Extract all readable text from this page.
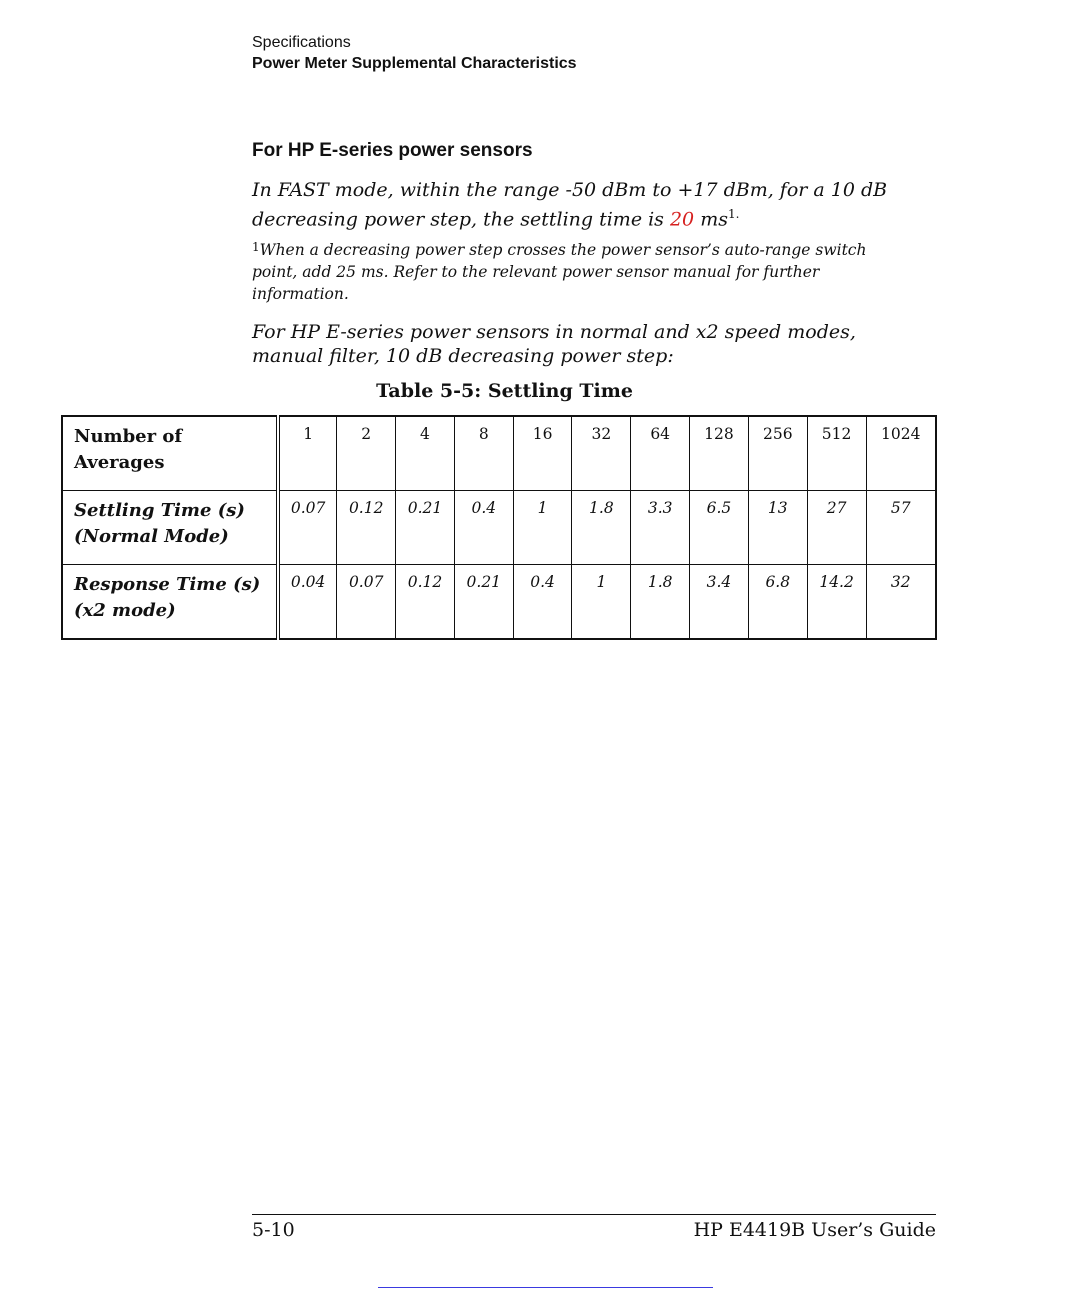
Specifications
Power Meter Supplemental Characteristics
For HP E-series power sensors

In FAST mode, within the range -50 dBm to +17 dBm, for a 10 dB decreasing power step, the settling time is 20 $ms^{1.}$

$^1$When a decreasing power step crosses the power sensor’s auto-range switch point, add 25 ms. Refer to the relevant power sensor manual for further information.

For HP E-series power sensors in normal and x2 speed modes, manual filter, 10 dB decreasing power step:

Table 5-5: Settling Time
Number of
Averages	1	2	4	8	16	32	64	128	256	512	1024

Settling Time (s)
(Normal Mode)	0.07	0.12	0.21	0.4	1	1.8	3.3	6.5	13	27	57

Response Time (s)
(x2 mode)	0.04	0.07	0.12	0.21	0.4	1	1.8	3.4	6.8	14.2	32
5-10	HP E4419B User’s Guide
